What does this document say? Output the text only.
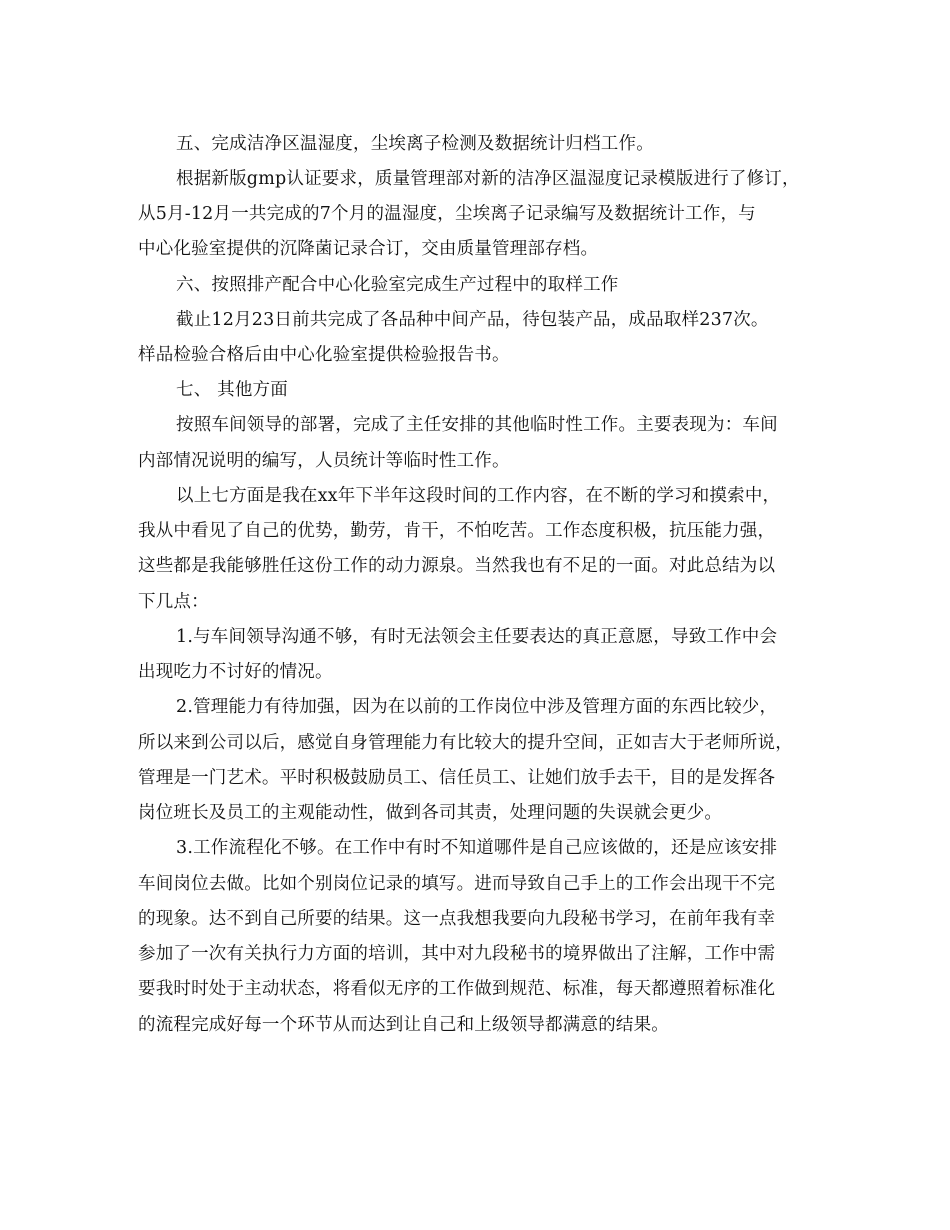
五、完成洁净区温湿度，尘埃离子检测及数据统计归档工作。
根据新版gmp认证要求，质量管理部对新的洁净区温湿度记录模版进行了修订，
从5月-12月一共完成的7个月的温湿度，尘埃离子记录编写及数据统计工作，与
中心化验室提供的沉降菌记录合订，交由质量管理部存档。
六、按照排产配合中心化验室完成生产过程中的取样工作
截止12月23日前共完成了各品种中间产品，待包装产品，成品取样237次。
样品检验合格后由中心化验室提供检验报告书。
七、 其他方面
按照车间领导的部署，完成了主任安排的其他临时性工作。主要表现为：车间
内部情况说明的编写，人员统计等临时性工作。
以上七方面是我在xx年下半年这段时间的工作内容，在不断的学习和摸索中，
我从中看见了自己的优势，勤劳，肯干，不怕吃苦。工作态度积极，抗压能力强，
这些都是我能够胜任这份工作的动力源泉。当然我也有不足的一面。对此总结为以
下几点：
1.与车间领导沟通不够，有时无法领会主任要表达的真正意愿，导致工作中会
出现吃力不讨好的情况。
2.管理能力有待加强，因为在以前的工作岗位中涉及管理方面的东西比较少，
所以来到公司以后，感觉自身管理能力有比较大的提升空间，正如吉大于老师所说，
管理是一门艺术。平时积极鼓励员工、信任员工、让她们放手去干，目的是发挥各
岗位班长及员工的主观能动性，做到各司其责，处理问题的失误就会更少。
3.工作流程化不够。在工作中有时不知道哪件是自己应该做的，还是应该安排
车间岗位去做。比如个别岗位记录的填写。进而导致自己手上的工作会出现干不完
的现象。达不到自己所要的结果。这一点我想我要向九段秘书学习，在前年我有幸
参加了一次有关执行力方面的培训，其中对九段秘书的境界做出了注解，工作中需
要我时时处于主动状态，将看似无序的工作做到规范、标准，每天都遵照着标准化
的流程完成好每一个环节从而达到让自己和上级领导都满意的结果。
